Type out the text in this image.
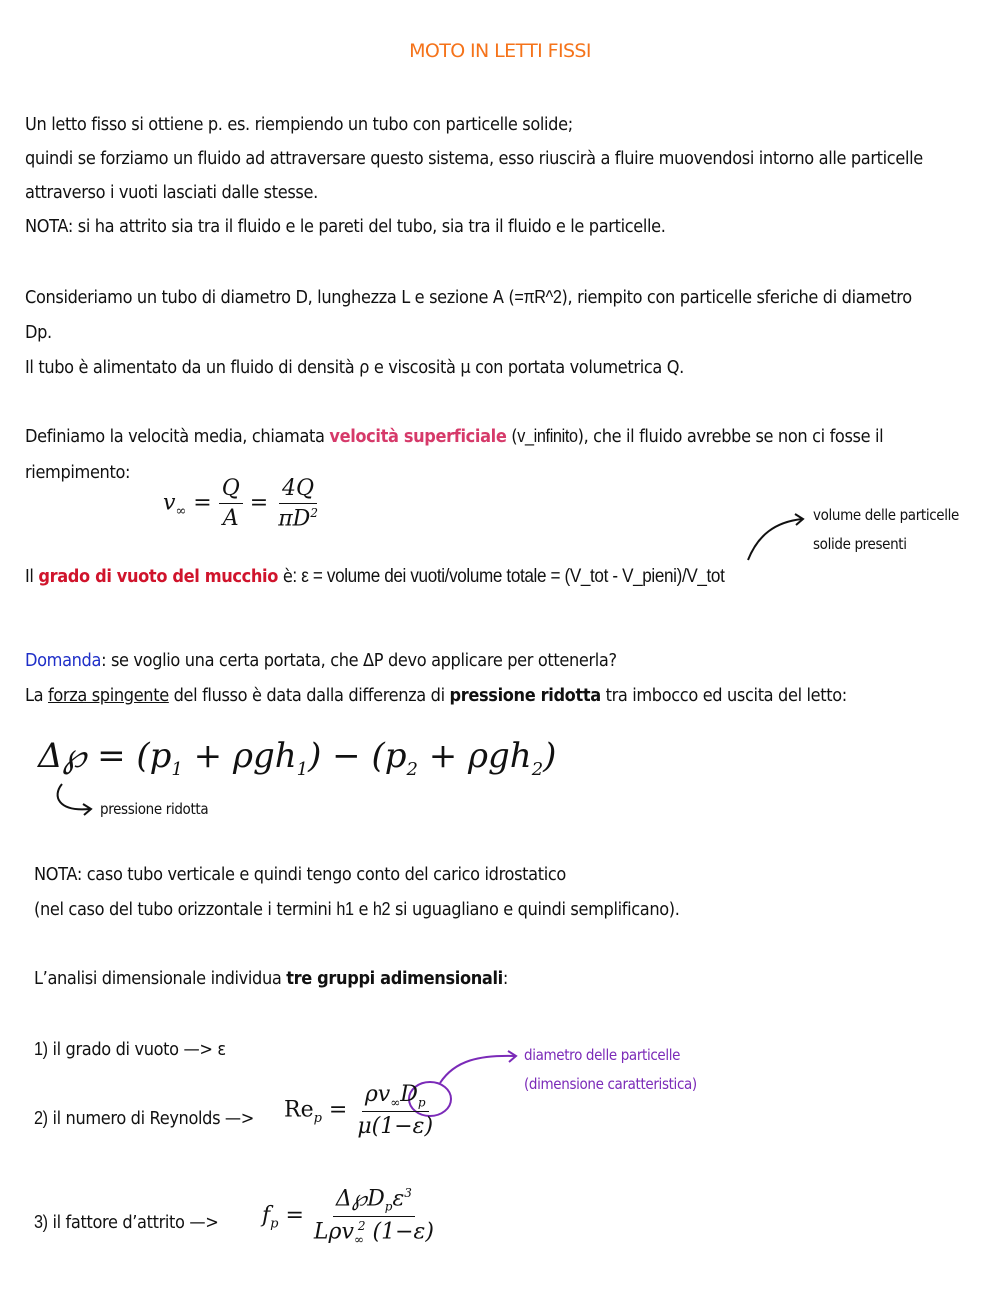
MOTO IN LETTI FISSI
Un letto fisso si ottiene p. es. riempiendo un tubo con particelle solide;
quindi se forziamo un fluido ad attraversare questo sistema, esso riuscirà a fluire muovendosi intorno alle particelle
attraverso i vuoti lasciati dalle stesse.
NOTA: si ha attrito sia tra il fluido e le pareti del tubo, sia tra il fluido e le particelle.
Consideriamo un tubo di diametro D, lunghezza L e sezione A (=πR^2), riempito con particelle sferiche di diametro
Dp.
Il tubo è alimentato da un fluido di densità ρ e viscosità μ con portata volumetrica Q.
Definiamo la velocità media, chiamata velocità superficiale (v_infinito), che il fluido avrebbe se non ci fosse il
riempimento:
$v_\infty = \frac{Q}{A} = \frac{4Q}{\pi D^2}$	volume delle particelle
solide presenti
Il grado di vuoto del mucchio è: ε = volume dei vuoti/volume totale = (V_tot - V_pieni)/V_tot
Domanda: se voglio una certa portata, che ΔP devo applicare per ottenerla?
La forza spingente del flusso è data dalla differenza di pressione ridotta tra imbocco ed uscita del letto:
Δ℘ = $(p_1 + \rho gh_1) - (p_2 + \rho gh_2)$
pressione ridotta
NOTA: caso tubo verticale e quindi tengo conto del carico idrostatico
(nel caso del tubo orizzontale i termini h1 e h2 si uguagliano e quindi semplificano).
L’analisi dimensionale individua tre gruppi adimensionali:
1) il grado di vuoto —> ε
2) il numero di Reynolds —>
3) il fattore d’attrito —>
diametro delle particelle
(dimensione caratteristica)
$Re_p = \frac{\rho v_\infty D_p}{\mu(1-\varepsilon)}$
$f_p = \frac{\Delta℘D_p\varepsilon^3}{L\rho v_\infty^2 (1-\varepsilon)}$
